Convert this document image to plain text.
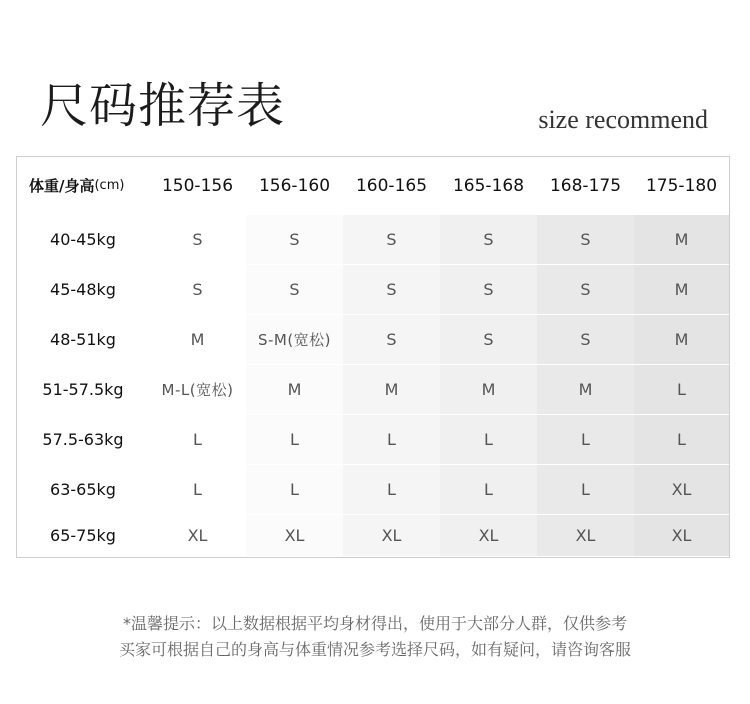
尺码推荐表	size recommend
体重/身高 (cm)	150-156	156-160	160-165	165-168	168-175	175-180
40-45kg	S	S	S	S	S	M
45-48kg	S	S	S	S	S	M
48-51kg	M	S-M(宽松)	S	S	S	M
51-57.5kg	M-L(宽松)	M	M	M	M	L
57.5-63kg	L	L	L	L	L	L
63-65kg	L	L	L	L	L	XL
65-75kg	XL	XL	XL	XL	XL	XL
*温馨提示：以上数据根据平均身材得出，使用于大部分人群，仅供参考
买家可根据自己的身高与体重情况参考选择尺码，如有疑问，请咨询客服
